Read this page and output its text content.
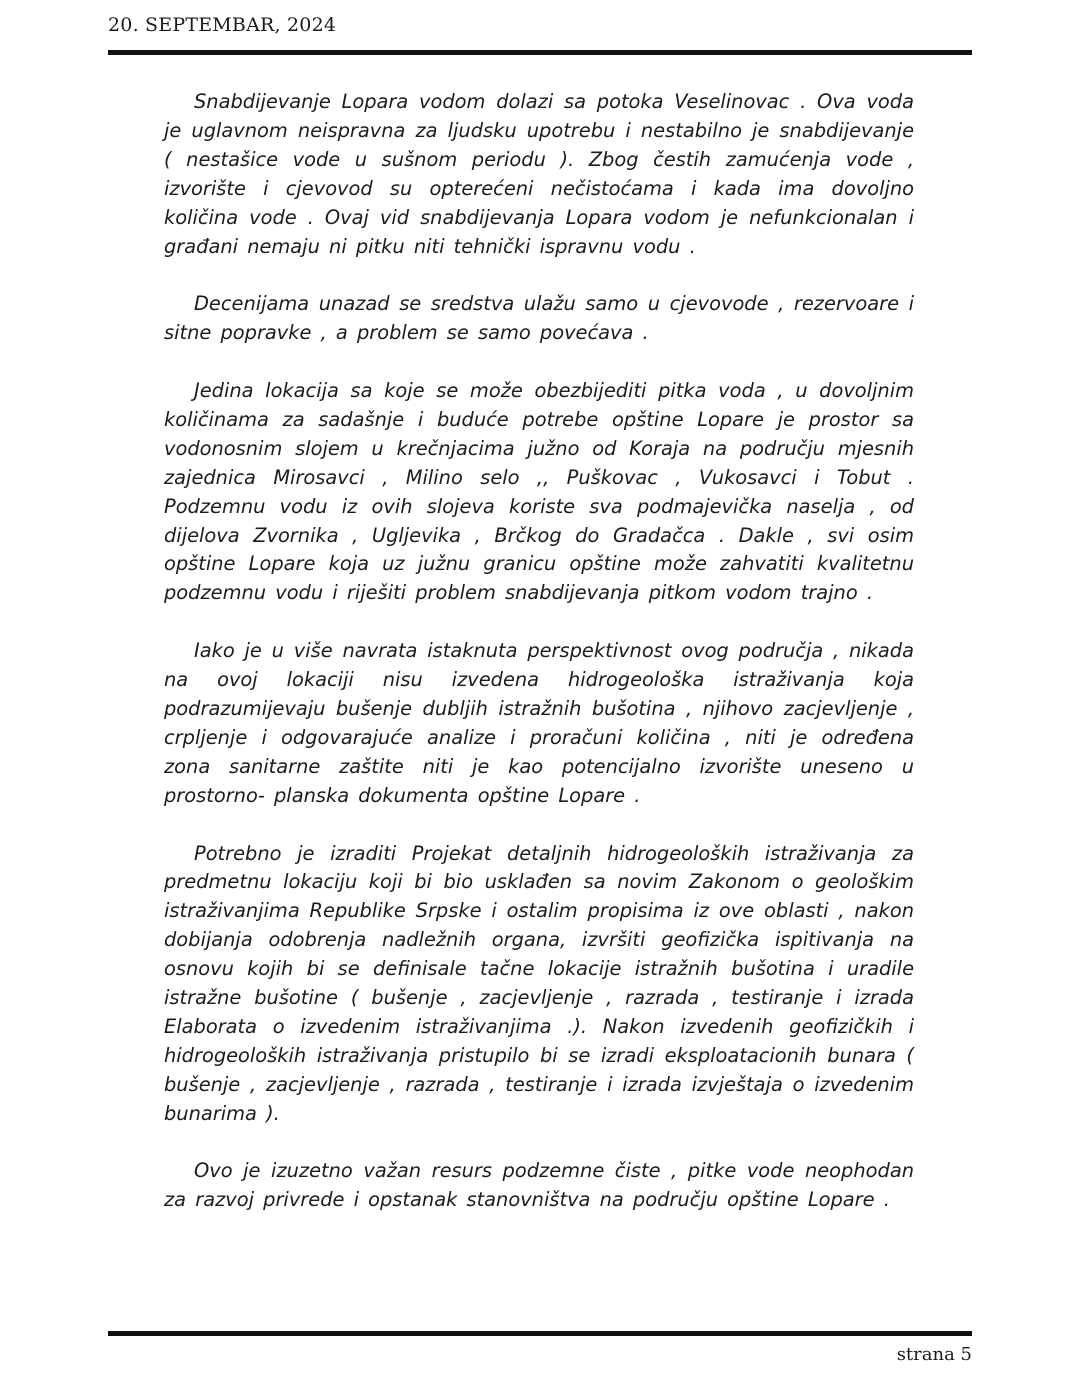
20. SEPTEMBAR, 2024

Snabdijevanje Lopara vodom dolazi sa potoka Veselinovac . Ova voda je uglavnom neispravna za ljudsku upotrebu i nestabilno je snabdijevanje ( nestašice vode u sušnom periodu ). Zbog čestih zamućenja vode , izvorište i cjevovod su opterećeni nečistoćama i kada ima dovoljno količina vode . Ovaj vid snabdijevanja Lopara vodom je nefunkcionalan i građani nemaju ni pitku niti tehnički ispravnu vodu .

Decenijama unazad se sredstva ulažu samo u cjevovode , rezervoare i sitne popravke , a problem se samo povećava .

Jedina lokacija sa koje se može obezbijediti pitka voda , u dovoljnim količinama za sadašnje i buduće potrebe opštine Lopare je prostor sa vodonosnim slojem u krečnjacima južno od Koraja na području mjesnih zajednica Mirosavci , Milino selo ,, Puškovac , Vukosavci i Tobut . Podzemnu vodu iz ovih slojeva koriste sva podmajevička naselja , od dijelova Zvornika , Ugljevika , Brčkog do Gradačca . Dakle , svi osim opštine Lopare koja uz južnu granicu opštine može zahvatiti kvalitetnu podzemnu vodu i riješiti problem snabdijevanja pitkom vodom trajno .

Iako je u više navrata istaknuta perspektivnost ovog područja , nikada na ovoj lokaciji nisu izvedena hidrogeološka istraživanja koja podrazumijevaju bušenje dubljih istražnih bušotina , njihovo zacjevljenje , crpljenje i odgovarajuće analize i proračuni količina , niti je određena zona sanitarne zaštite niti je kao potencijalno izvorište uneseno u prostorno- planska dokumenta opštine Lopare .

Potrebno je izraditi Projekat detaljnih hidrogeoloških istraživanja za predmetnu lokaciju koji bi bio usklađen sa novim Zakonom o geološkim istraživanjima Republike Srpske i ostalim propisima iz ove oblasti , nakon dobijanja odobrenja nadležnih organa, izvršiti geofizička ispitivanja na osnovu kojih bi se definisale tačne lokacije istražnih bušotina i uradile istražne bušotine ( bušenje , zacjevljenje , razrada , testiranje i izrada Elaborata o izvedenim istraživanjima .). Nakon izvedenih geofizičkih i hidrogeoloških istraživanja pristupilo bi se izradi eksploatacionih bunara ( bušenje , zacjevljenje , razrada , testiranje i izrada izvještaja o izvedenim bunarima ).

Ovo je izuzetno važan resurs podzemne čiste , pitke vode neophodan za razvoj privrede i opstanak stanovništva na području opštine Lopare .

strana 5
